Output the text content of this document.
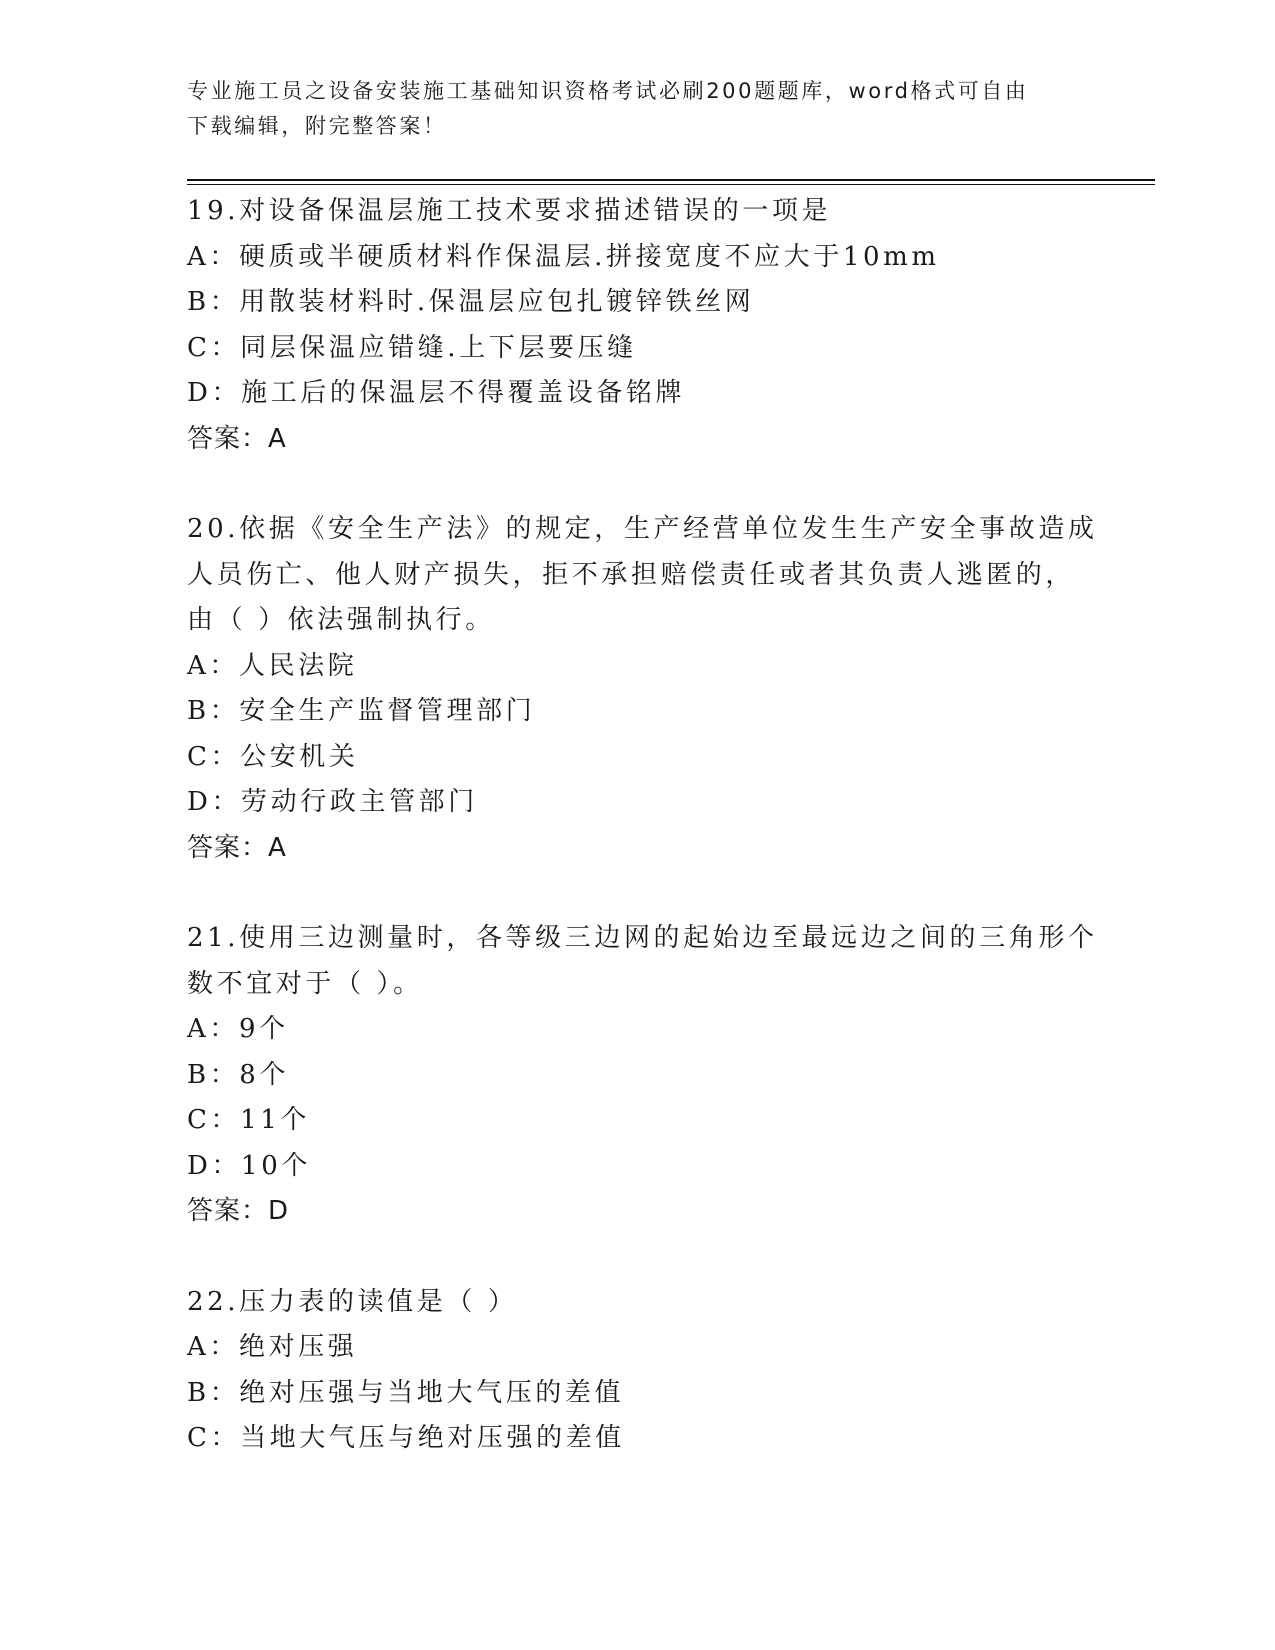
专业施工员之设备安装施工基础知识资格考试必刷200题题库，word格式可自由
下载编辑，附完整答案！
19.对设备保温层施工技术要求描述错误的一项是
A：硬质或半硬质材料作保温层.拼接宽度不应大于10mm
B：用散装材料时.保温层应包扎镀锌铁丝网
C：同层保温应错缝.上下层要压缝
D：施工后的保温层不得覆盖设备铭牌
答案：A
20.依据《安全生产法》的规定，生产经营单位发生生产安全事故造成
人员伤亡、他人财产损失，拒不承担赔偿责任或者其负责人逃匿的，
由（ ）依法强制执行。
A：人民法院
B：安全生产监督管理部门
C：公安机关
D：劳动行政主管部门
答案：A
21.使用三边测量时，各等级三边网的起始边至最远边之间的三角形个
数不宜对于（ ）。
A：9个
B：8个
C：11个
D：10个
答案：D
22.压力表的读值是（ ）
A：绝对压强
B：绝对压强与当地大气压的差值
C：当地大气压与绝对压强的差值
